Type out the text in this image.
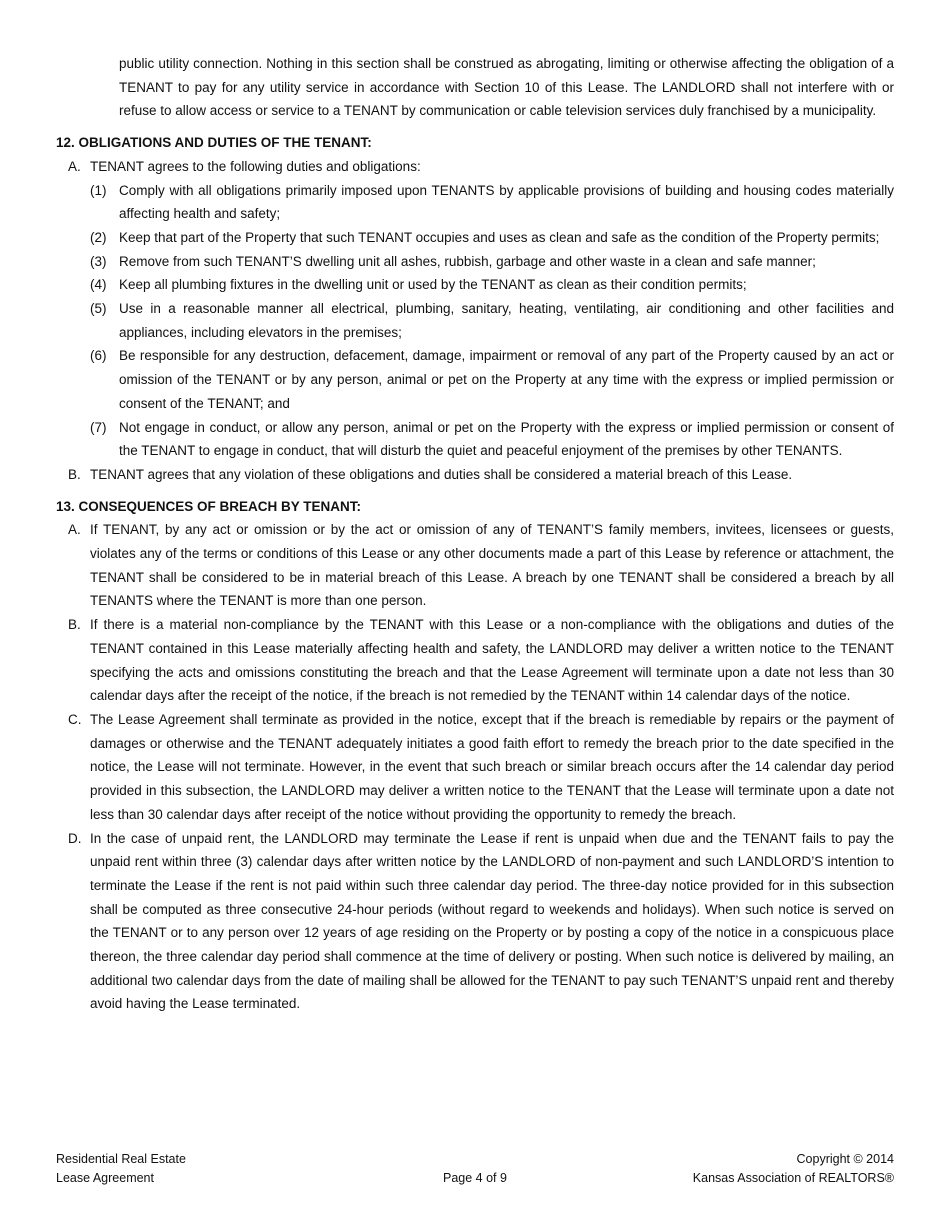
public utility connection. Nothing in this section shall be construed as abrogating, limiting or otherwise affecting the obligation of a TENANT to pay for any utility service in accordance with Section 10 of this Lease. The LANDLORD shall not interfere with or refuse to allow access or service to a TENANT by communication or cable television services duly franchised by a municipality.

12. OBLIGATIONS AND DUTIES OF THE TENANT:
A. TENANT agrees to the following duties and obligations:
(1) Comply with all obligations primarily imposed upon TENANTS by applicable provisions of building and housing codes materially affecting health and safety;

(2) Keep that part of the Property that such TENANT occupies and uses as clean and safe as the condition of the Property permits;

(3) Remove from such TENANT’S dwelling unit all ashes, rubbish, garbage and other waste in a clean and safe manner;

(4) Keep all plumbing fixtures in the dwelling unit or used by the TENANT as clean as their condition permits;

(5) Use in a reasonable manner all electrical, plumbing, sanitary, heating, ventilating, air conditioning and other facilities and appliances, including elevators in the premises;

(6) Be responsible for any destruction, defacement, damage, impairment or removal of any part of the Property caused by an act or omission of the TENANT or by any person, animal or pet on the Property at any time with the express or implied permission or consent of the TENANT; and

(7) Not engage in conduct, or allow any person, animal or pet on the Property with the express or implied permission or consent of the TENANT to engage in conduct, that will disturb the quiet and peaceful enjoyment of the premises by other TENANTS.

B. TENANT agrees that any violation of these obligations and duties shall be considered a material breach of this Lease.
13. CONSEQUENCES OF BREACH BY TENANT:
A. If TENANT, by any act or omission or by the act or omission of any of TENANT’S family members, invitees, licensees or guests, violates any of the terms or conditions of this Lease or any other documents made a part of this Lease by reference or attachment, the TENANT shall be considered to be in material breach of this Lease. A breach by one TENANT shall be considered a breach by all TENANTS where the TENANT is more than one person.

B. If there is a material non-compliance by the TENANT with this Lease or a non-compliance with the obligations and duties of the TENANT contained in this Lease materially affecting health and safety, the LANDLORD may deliver a written notice to the TENANT specifying the acts and omissions constituting the breach and that the Lease Agreement will terminate upon a date not less than 30 calendar days after the receipt of the notice, if the breach is not remedied by the TENANT within 14 calendar days of the notice.

C. The Lease Agreement shall terminate as provided in the notice, except that if the breach is remediable by repairs or the payment of damages or otherwise and the TENANT adequately initiates a good faith effort to remedy the breach prior to the date specified in the notice, the Lease will not terminate. However, in the event that such breach or similar breach occurs after the 14 calendar day period provided in this subsection, the LANDLORD may deliver a written notice to the TENANT that the Lease will terminate upon a date not less than 30 calendar days after receipt of the notice without providing the opportunity to remedy the breach.

D. In the case of unpaid rent, the LANDLORD may terminate the Lease if rent is unpaid when due and the TENANT fails to pay the unpaid rent within three (3) calendar days after written notice by the LANDLORD of non-payment and such LANDLORD’S intention to terminate the Lease if the rent is not paid within such three calendar day period. The three-day notice provided for in this subsection shall be computed as three consecutive 24-hour periods (without regard to weekends and holidays). When such notice is served on the TENANT or to any person over 12 years of age residing on the Property or by posting a copy of the notice in a conspicuous place thereon, the three calendar day period shall commence at the time of delivery or posting. When such notice is delivered by mailing, an additional two calendar days from the date of mailing shall be allowed for the TENANT to pay such TENANT’S unpaid rent and thereby avoid having the Lease terminated.

Residential Real Estate
Lease Agreement	Page 4 of 9
Copyright © 2014
Kansas Association of REALTORS®
